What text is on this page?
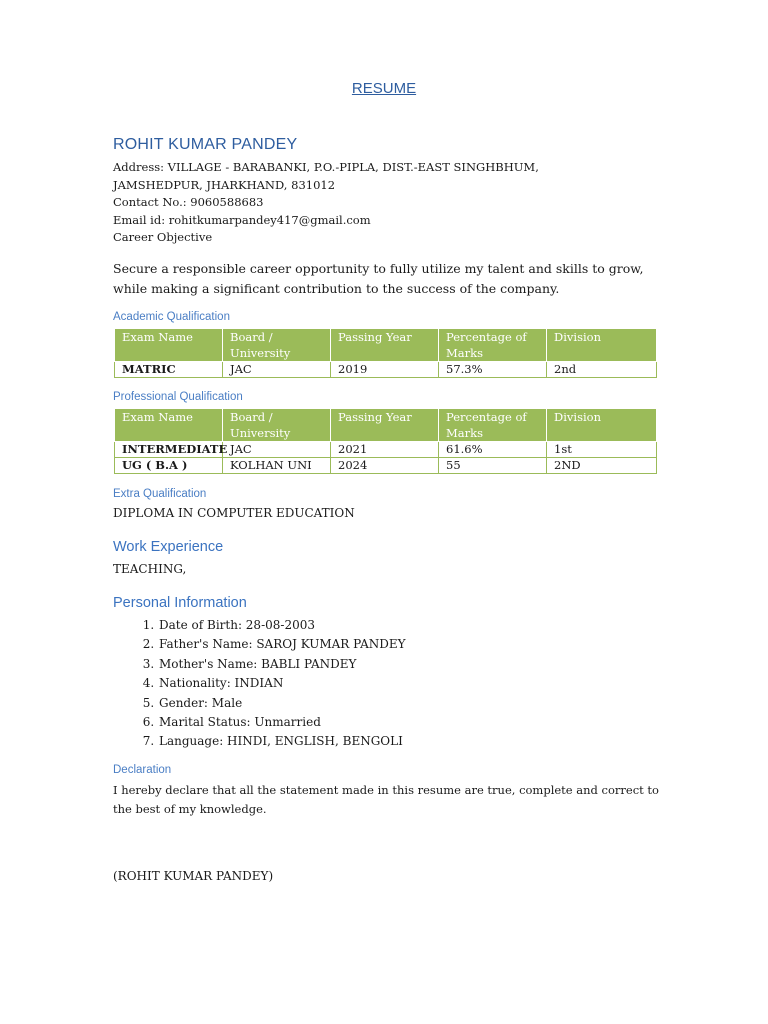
RESUME
ROHIT KUMAR PANDEY
Address: VILLAGE - BARABANKI, P.O.-PIPLA, DIST.-EAST SINGHBHUM,
JAMSHEDPUR, JHARKHAND, 831012
Contact No.: 9060588683
Email id: rohitkumarpandey417@gmail.com
Career Objective
Secure a responsible career opportunity to fully utilize my talent and skills to grow, while making a significant contribution to the success of the company.
Academic Qualification
Exam Name	Board / University	Passing Year	Percentage of Marks	Division
MATRIC	JAC	2019	57.3%	2nd
Professional Qualification
Exam Name	Board / University	Passing Year	Percentage of Marks	Division
INTERMEDIATE	JAC	2021	61.6%	1st
UG ( B.A )	KOLHAN UNI	2024	55	2ND
Extra Qualification
DIPLOMA IN COMPUTER EDUCATION
Work Experience
TEACHING,
Personal Information
1. Date of Birth: 28-08-2003
2. Father's Name: SAROJ KUMAR PANDEY
3. Mother's Name: BABLI PANDEY
4. Nationality: INDIAN
5. Gender: Male
6. Marital Status: Unmarried
7. Language: HINDI, ENGLISH, BENGOLI
Declaration
I hereby declare that all the statement made in this resume are true, complete and correct to the best of my knowledge.
(ROHIT KUMAR PANDEY)
